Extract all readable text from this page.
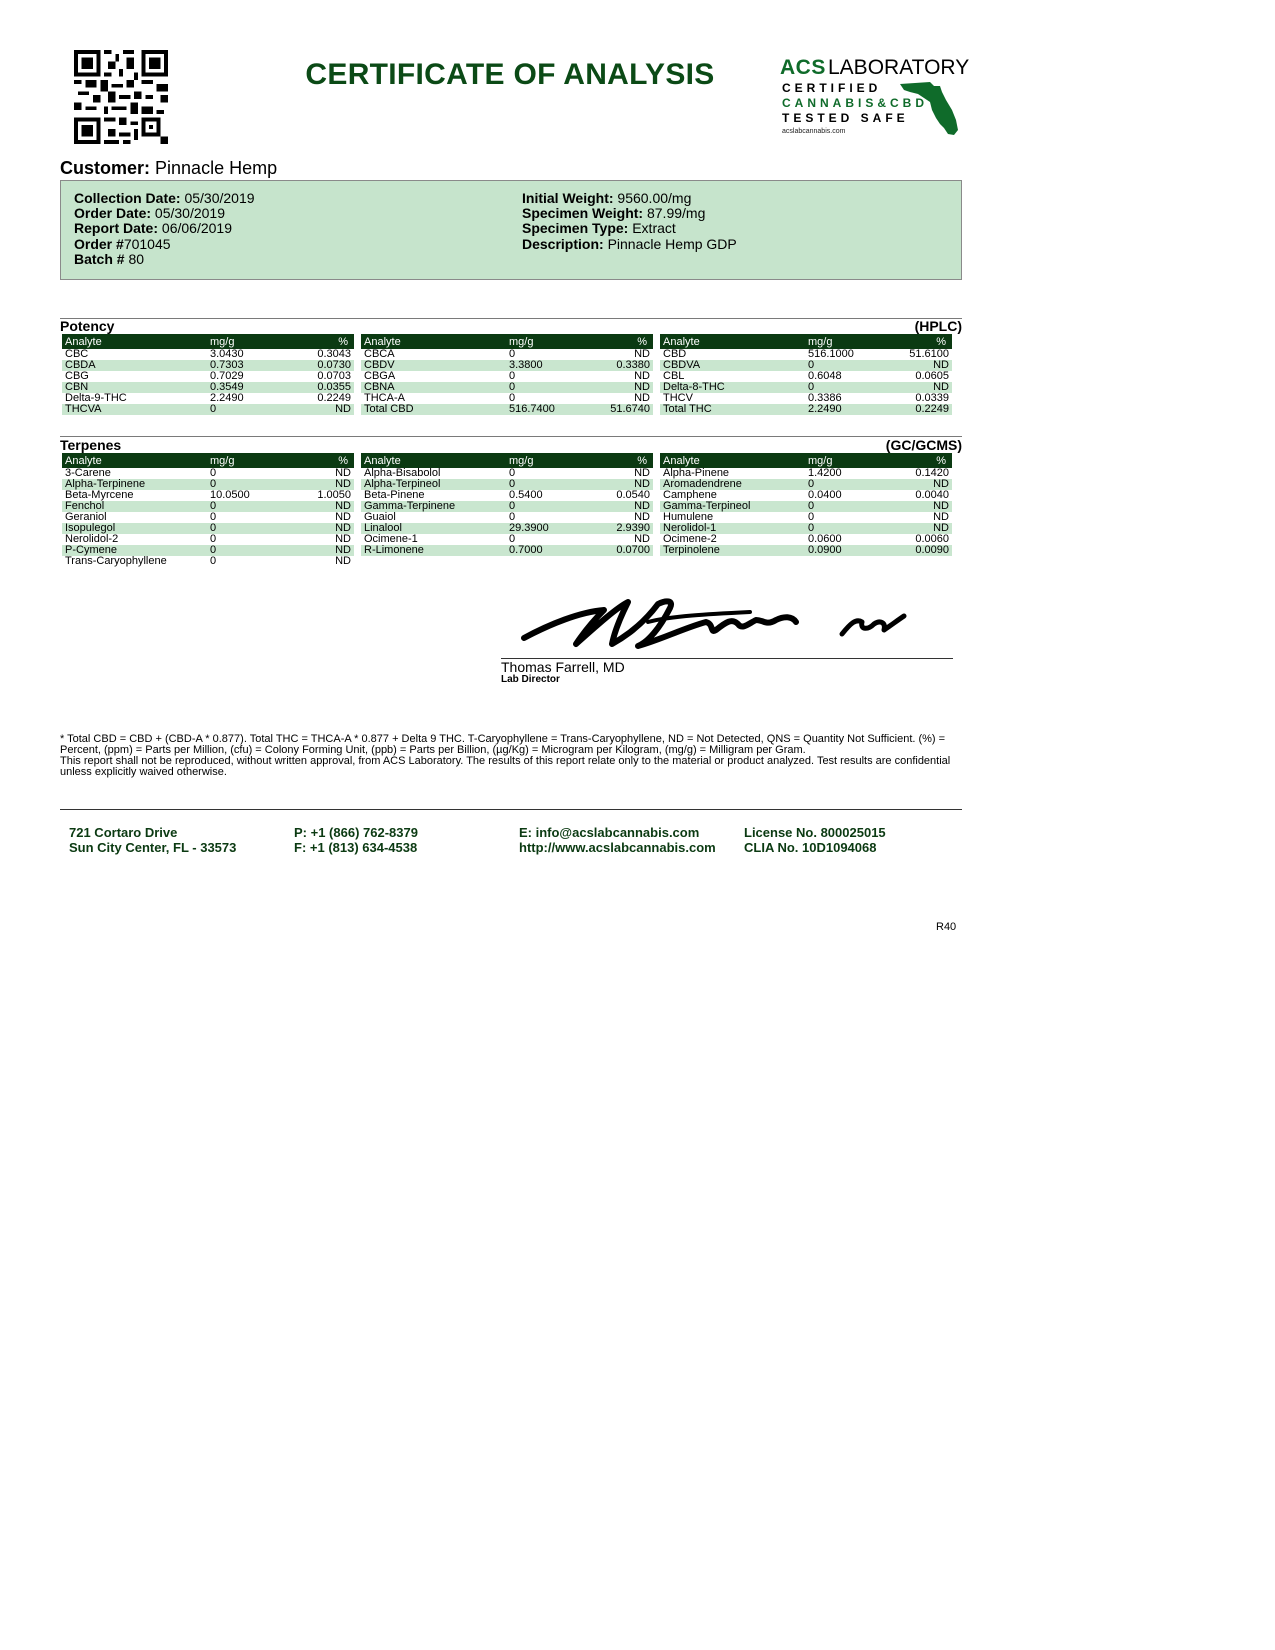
CERTIFICATE OF ANALYSIS	ACS LABORATORY
CERTIFIED
CANNABIS&CBD
TESTED SAFE
acslabcannabis.com
Customer: Pinnacle Hemp
Collection Date: 05/30/2019
Order Date: 05/30/2019
Report Date: 06/06/2019
Order #701045
Batch # 80
Initial Weight: 9560.00/mg
Specimen Weight: 87.99/mg
Specimen Type: Extract
Description: Pinnacle Hemp GDP
Potency	(HPLC)
Analyte	mg/g	%
CBC	3.0430	0.3043
CBDA	0.7303	0.0730
CBG	0.7029	0.0703
CBN	0.3549	0.0355
Delta-9-THC	2.2490	0.2249
THCVA	0	ND
Analyte	mg/g	%
CBCA	0	ND
CBDV	3.3800	0.3380
CBGA	0	ND
CBNA	0	ND
THCA-A	0	ND
Total CBD	516.7400	51.6740
Analyte	mg/g	%
CBD	516.1000	51.6100
CBDVA	0	ND
CBL	0.6048	0.0605
Delta-8-THC	0	ND
THCV	0.3386	0.0339
Total THC	2.2490	0.2249
Terpenes	(GC/GCMS)
Analyte	mg/g	%
3-Carene	0	ND
Alpha-Terpinene	0	ND
Beta-Myrcene	10.0500	1.0050
Fenchol	0	ND
Geraniol	0	ND
Isopulegol	0	ND
Nerolidol-2	0	ND
P-Cymene	0	ND
Trans-Caryophyllene	0	ND
Analyte	mg/g	%
Alpha-Bisabolol	0	ND
Alpha-Terpineol	0	ND
Beta-Pinene	0.5400	0.0540
Gamma-Terpinene	0	ND
Guaiol	0	ND
Linalool	29.3900	2.9390
Ocimene-1	0	ND
R-Limonene	0.7000	0.0700
Analyte	mg/g	%
Alpha-Pinene	1.4200	0.1420
Aromadendrene	0	ND
Camphene	0.0400	0.0040
Gamma-Terpineol	0	ND
Humulene	0	ND
Nerolidol-1	0	ND
Ocimene-2	0.0600	0.0060
Terpinolene	0.0900	0.0090
Thomas Farrell, MD
Lab Director
* Total CBD = CBD + (CBD-A * 0.877). Total THC = THCA-A * 0.877 + Delta 9 THC. T-Caryophyllene = Trans-Caryophyllene, ND = Not Detected, QNS = Quantity Not Sufficient. (%) = Percent, (ppm) = Parts per Million, (cfu) = Colony Forming Unit, (ppb) = Parts per Billion, (µg/Kg) = Microgram per Kilogram, (mg/g) = Milligram per Gram.
This report shall not be reproduced, without written approval, from ACS Laboratory. The results of this report relate only to the material or product analyzed. Test results are confidential unless explicitly waived otherwise.
721 Cortaro Drive
Sun City Center, FL - 33573
P: +1 (866) 762-8379
F: +1 (813) 634-4538
E: info@acslabcannabis.com
http://www.acslabcannabis.com
License No. 800025015
CLIA No. 10D1094068
R40
